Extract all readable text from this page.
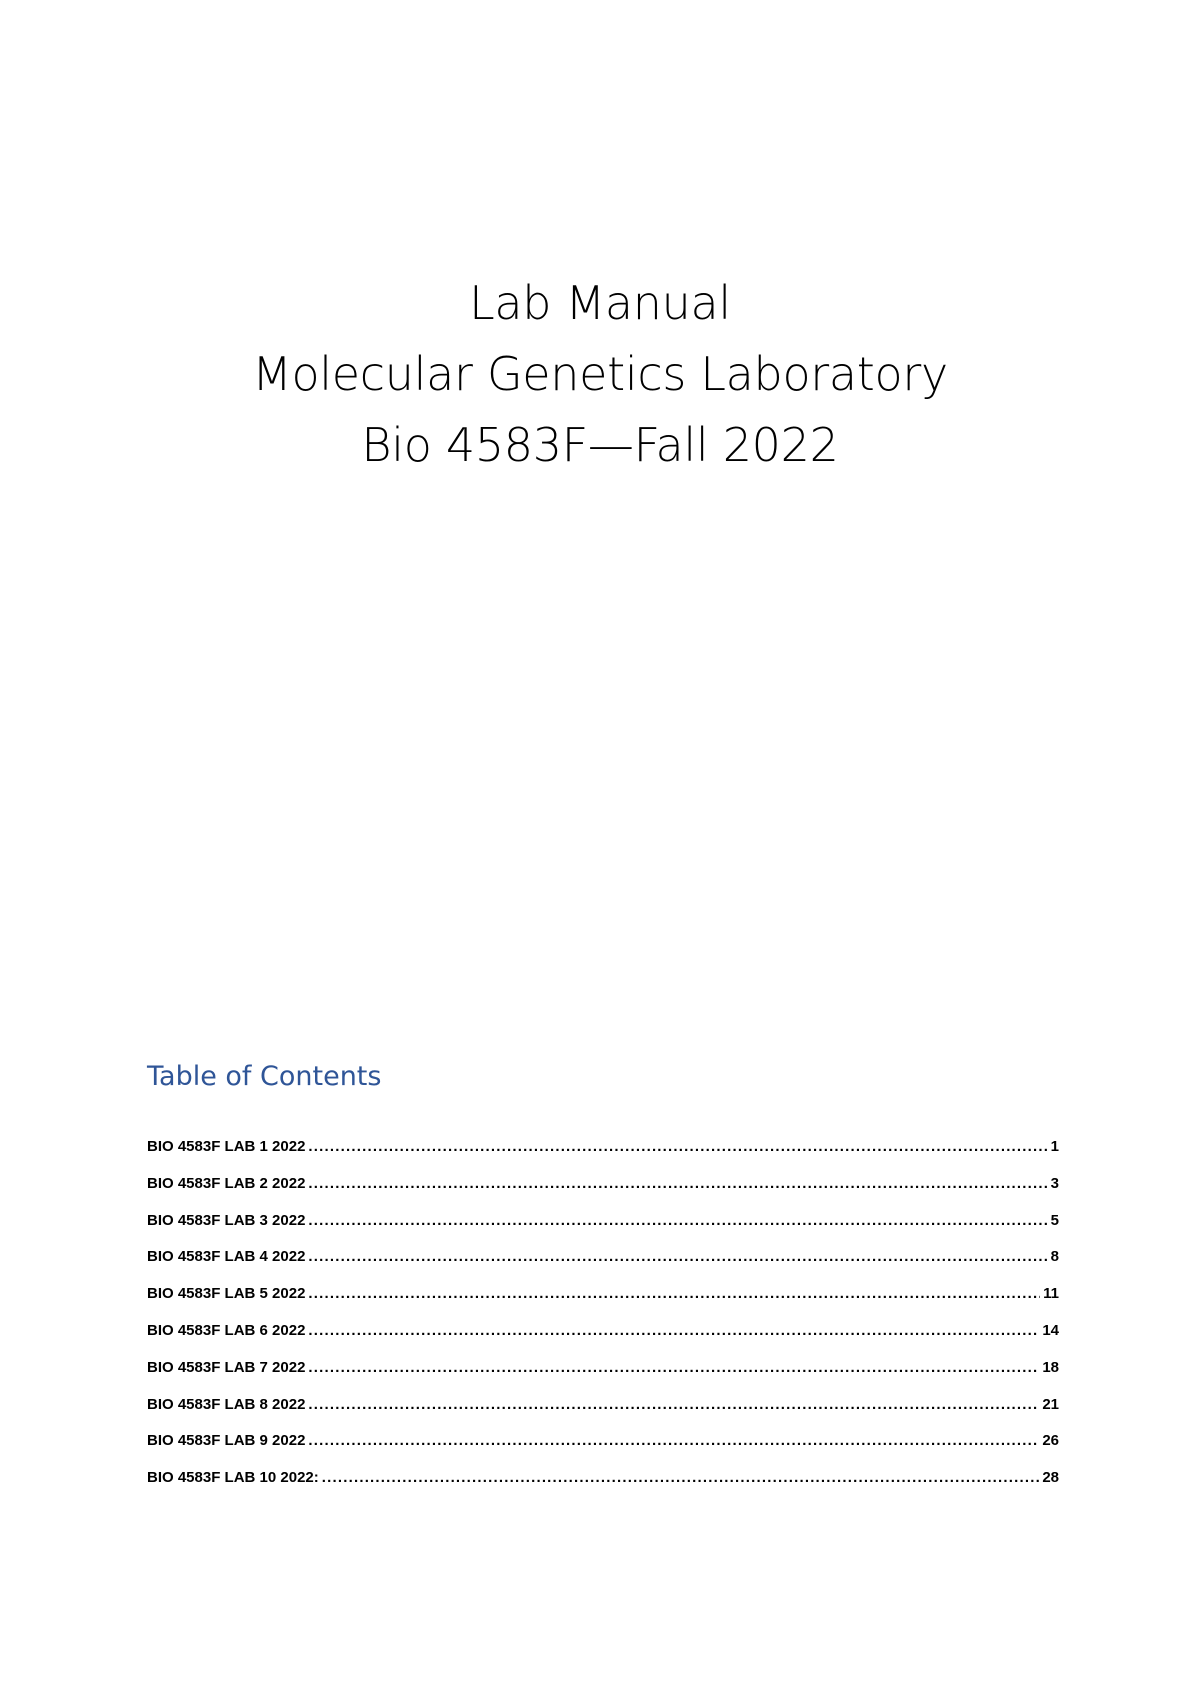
Lab Manual
Molecular Genetics Laboratory
Bio 4583F—Fall 2022
Table of Contents
BIO 4583F LAB 1 2022 .....	1
BIO 4583F LAB 2 2022 .....	3
BIO 4583F LAB 3 2022 .....	5
BIO 4583F LAB 4 2022 .....	8
BIO 4583F LAB 5 2022 .....	11
BIO 4583F LAB 6 2022 .....	14
BIO 4583F LAB 7 2022 .....	18
BIO 4583F LAB 8 2022 .....	21
BIO 4583F LAB 9 2022 .....	26
BIO 4583F LAB 10 2022: .....	28
